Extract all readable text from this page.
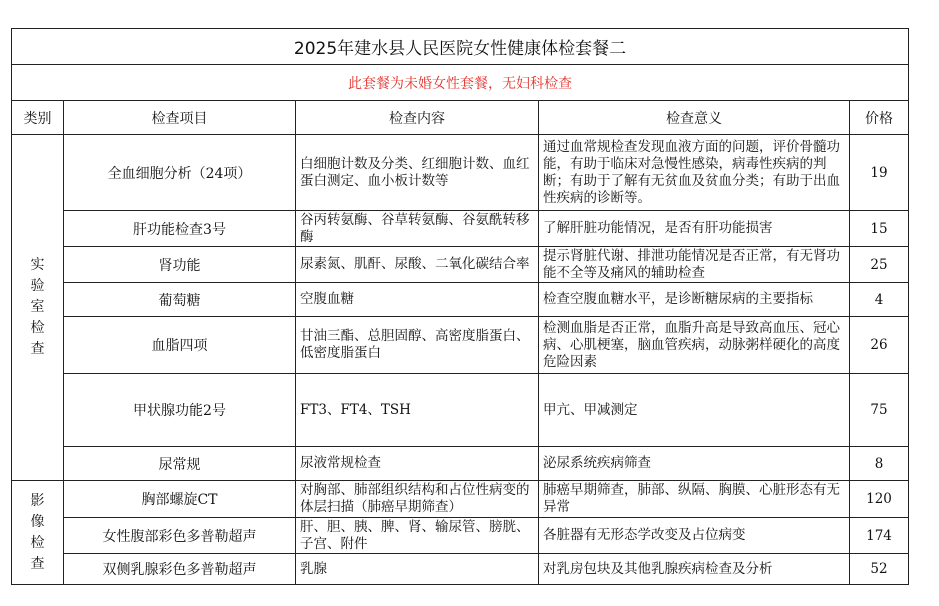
2025年建水县人民医院女性健康体检套餐二				
此套餐为未婚女性套餐，无妇科检查				
类别	检查项目	检查内容	检查意义	价格

实
验
室
检
查	全血细胞分析（24项）	白细胞计数及分类、红细胞计数、血红蛋白测定、血小板计数等	通过血常规检查发现血液方面的问题，评价骨髓功能，有助于临床对急慢性感染，病毒性疾病的判断；有助于了解有无贫血及贫血分类；有助于出血性疾病的诊断等。	19
	肝功能检查3号	谷丙转氨酶、谷草转氨酶、谷氨酰转移酶	了解肝脏功能情况，是否有肝功能损害	15
	肾功能	尿素氮、肌酐、尿酸、二氧化碳结合率	提示肾脏代谢、排泄功能情况是否正常，有无肾功能不全等及痛风的辅助检查	25
	葡萄糖	空腹血糖	检查空腹血糖水平，是诊断糖尿病的主要指标	4
	血脂四项	甘油三酯、总胆固醇、高密度脂蛋白、低密度脂蛋白	检测血脂是否正常，血脂升高是导致高血压、冠心病、心肌梗塞，脑血管疾病，动脉粥样硬化的高度危险因素	26
	甲状腺功能2号	FT3、FT4、TSH	甲亢、甲减测定	75
	尿常规	尿液常规检查	泌尿系统疾病筛查	8

影
像
检
查	胸部螺旋CT	对胸部、肺部组织结构和占位性病变的体层扫描（肺癌早期筛查）	肺癌早期筛查，肺部、纵隔、胸膜、心脏形态有无异常	120
	女性腹部彩色多普勒超声	肝、胆、胰、脾、肾、输尿管、膀胱、子宫、附件	各脏器有无形态学改变及占位病变	174
	双侧乳腺彩色多普勒超声	乳腺	对乳房包块及其他乳腺疾病检查及分析	52
